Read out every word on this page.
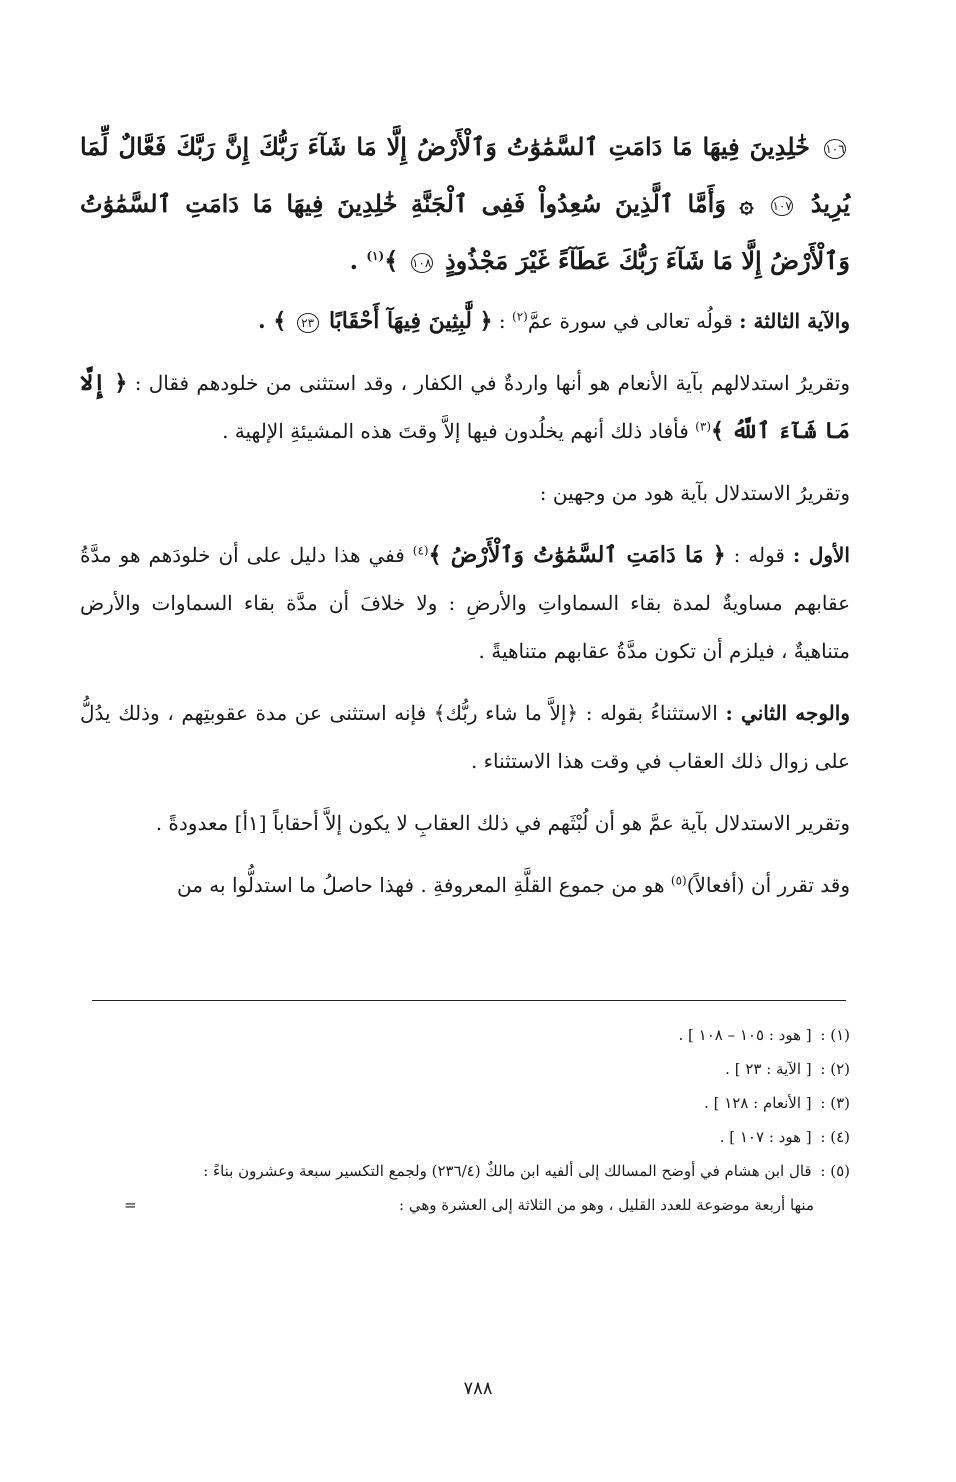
١٠٦ خَٰلِدِينَ فِيهَا مَا دَامَتِ ٱلسَّمَٰوَٰتُ وَٱلْأَرْضُ إِلَّا مَا شَآءَ رَبُّكَ إِنَّ رَبَّكَ فَعَّالٌ لِّمَا يُرِيدُ ١٠٧ ۞ وَأَمَّا ٱلَّذِينَ سُعِدُواْ فَفِى ٱلْجَنَّةِ خَٰلِدِينَ فِيهَا مَا دَامَتِ ٱلسَّمَٰوَٰتُ وَٱلْأَرْضُ إِلَّا مَا شَآءَ رَبُّكَ عَطَآءً غَيْرَ مَجْذُوذٍ ١٠٨ ﴾$^{(١)}$ .

والآية الثالثة : قولُه تعالى في سورة عمَّ$^{(٢)}$ : ﴿ لَّٰبِثِينَ فِيهَآ أَحْقَابًا ٢٣ ﴾ .

وتقريرُ استدلالهم بآية الأنعام هو أنها واردةٌ في الكفار ، وقد استثنى من خلودهم فقال : ﴿ إِلَّا مَا شَآءَ ٱللَّهُ ﴾$^{(٣)}$ فأفاد ذلك أنهم يخلُدون فيها إلاَّ وقتَ هذه المشيئةِ الإلهية .

وتقريرُ الاستدلال بآية هود من وجهين :

الأول : قوله : ﴿ مَا دَامَتِ ٱلسَّمَٰوَٰتُ وَٱلْأَرْضُ ﴾$^{(٤)}$ ففي هذا دليل على أن خلودَهم هو مدَّةُ عقابهم مساويةٌ لمدة بقاء السماواتِ والأرضِ : ولا خلافَ أن مدَّة بقاء السماوات والأرض متناهيةٌ ، فيلزم أن تكون مدَّةُ عقابهم متناهيةً .

والوجه الثاني : الاستثناءُ بقوله : ﴿إلاَّ ما شاء ربُّك﴾ فإنه استثنى عن مدة عقوبتِهم ، وذلك يدُلُّ على زوال ذلك العقاب في وقت هذا الاستثناء .

وتقرير الاستدلال بآية عمَّ هو أن لُبْثَهم في ذلك العقابِ لا يكون إلاَّ أحقاباً [١أ] معدودةً .

وقد تقرر أن (أفعالاً)$^{(٥)}$ هو من جموع القلَّةِ المعروفةِ . فهذا حاصلُ ما استدلُّوا به من

(١) : [ هود : ١٠٥ – ١٠٨ ] .

(٢) : [ الآية : ٢٣ ] .

(٣) : [ الأنعام : ١٢٨ ] .

(٤) : [ هود : ١٠٧ ] .

(٥) : قال ابن هشام في أوضح المسالك إلى ألفيه ابن مالكٌ (٢٣٦/٤) ولجمع التكسير سبعة وعشرون بناءً :

منها أربعة موضوعة للعدد القليل ، وهو من الثلاثة إلى العشرة وهي :
=

٧٨٨
